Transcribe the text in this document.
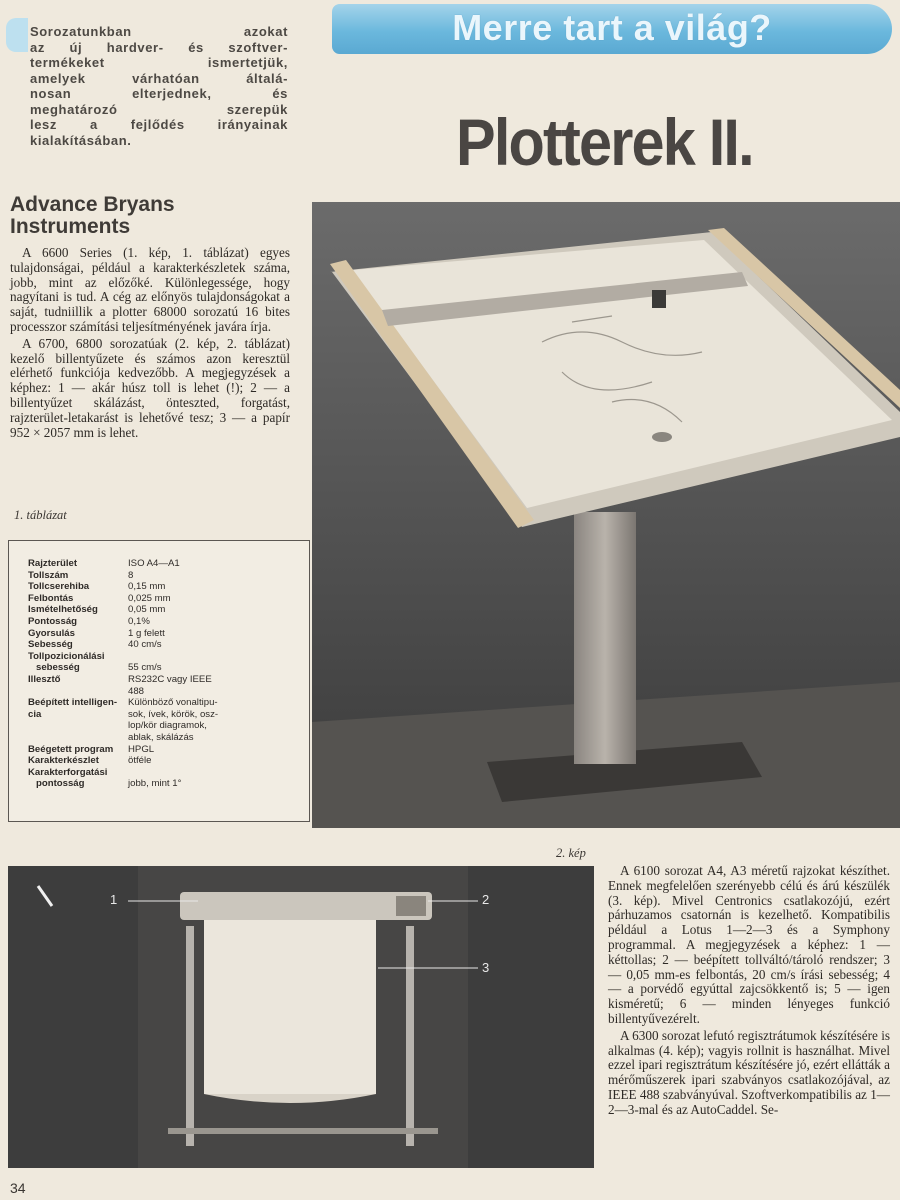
Merre tart a világ?
Sorozatunkban azokat
az új hardver- és szoftver-
termékeket ismertetjük,
amelyek várhatóan általá-
nosan elterjednek, és
meghatározó szerepük
lesz a fejlődés irányainak
kialakításában.	Plotterek II.
Advance Bryans Instruments

A 6600 Series (1. kép, 1. táblázat) egyes tulajdonságai, például a karakterkészletek száma, jobb, mint az előzőké. Különlegessége, hogy nagyítani is tud. A cég az előnyös tulajdonságokat a saját, tudniillik a plotter 68000 sorozatú 16 bites processzor számítási teljesítményének javára írja.

A 6700, 6800 sorozatúak (2. kép, 2. táblázat) kezelő billentyűzete és számos azon keresztül elérhető funkciója kedvezőbb. A megjegyzések a képhez: 1 — akár húsz toll is lehet (!); 2 — a billentyűzet skálázást, önteszted, forgatást, rajzterület-letakarást is lehetővé tesz; 3 — a papír 952 × 2057 mm is lehet.

1. táblázat
Rajzterület	ISO A4—A1
Tollszám	8
Tollcserehiba	0,15 mm
Felbontás	0,025 mm
Ismételhetőség	0,05 mm
Pontosság	0,1%
Gyorsulás	1 g felett
Sebesség	40 cm/s
Tollpozicionálási
sebesség	55 cm/s
Illesztő	RS232C vagy IEEE
488
Beépített intelligen-	Különböző vonaltipu-
cia	sok, ívek, körök, osz-
lop/kör diagramok,
ablak, skálázás
Beégetett program	HPGL
Karakterkészlet	ötféle
Karakterforgatási
pontosság	jobb, mint 1°
2. kép
1	2
3

A 6100 sorozat A4, A3 méretű rajzokat készíthet. Ennek megfelelően szerényebb célú és árú készülék (3. kép). Mivel Centronics csatlakozójú, ezért párhuzamos csatornán is kezelhető. Kompatibilis például a Lotus 1—2—3 és a Symphony programmal. A megjegyzések a képhez: 1 — kéttollas; 2 — beépített tollváltó/tároló rendszer; 3 — 0,05 mm-es felbontás, 20 cm/s írási sebesség; 4 — a porvédő egyúttal zajcsökkentő is; 5 — igen kisméretű; 6 — minden lényeges funkció billentyűvezérelt.

A 6300 sorozat lefutó regisztrátumok készítésére is alkalmas (4. kép); vagyis rollnit is használhat. Mivel ezzel ipari regisztrátum készítésére jó, ezért ellátták a mérőműszerek ipari szabványos csatlakozójával, az IEEE 488 szabványúval. Szoftverkompatibilis az 1—2—3-mal és az AutoCaddel. Se-

34
